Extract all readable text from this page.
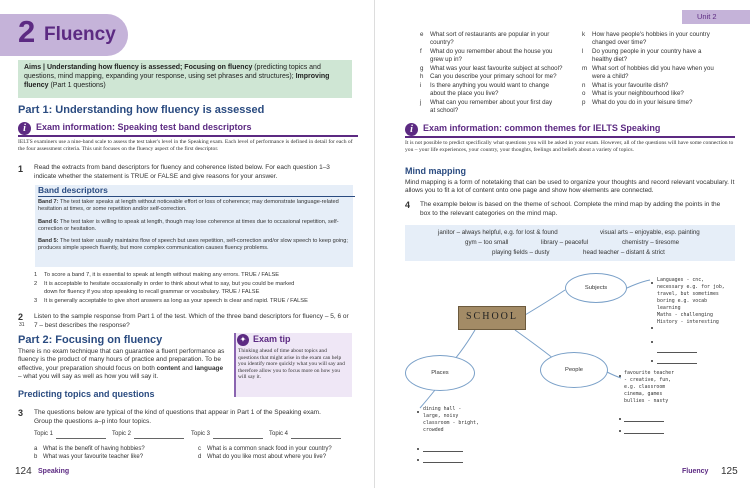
2 Fluency
Aims | Understanding how fluency is assessed; Focusing on fluency (predicting topics and questions, mind mapping, expanding your response, using set phrases and structures); Improving fluency (Part 1 questions)
Part 1: Understanding how fluency is assessed
i	Exam information: Speaking test band descriptors
IELTS examiners use a nine-band scale to assess the test taker's level in the Speaking exam. Each level of performance is defined in detail for each of the four assessment criteria. This unit focuses on the fluency aspect of the first descriptor.
1 Read the extracts from band descriptors for fluency and coherence listed below. For each question 1–3 indicate whether the statement is TRUE or FALSE and give reasons for your answer.
Band descriptors
Band 7: The test taker speaks at length without noticeable effort or loss of coherence; may demonstrate language-related hesitation at times, or some repetition and/or self-correction.
Band 6: The test taker is willing to speak at length, though may lose coherence at times due to occasional repetition, self-correction or hesitation.
Band 5: The test taker usually maintains flow of speech but uses repetition, self-correction and/or slow speech to keep going; produces simple speech fluently, but more complex communication causes fluency problems.
1 To score a band 7, it is essential to speak at length without making any errors. TRUE / FALSE
2 It is acceptable to hesitate occasionally in order to think about what to say, but you could be marked
down for fluency if you stop speaking to recall grammar or vocabulary. TRUE / FALSE
3 It is generally acceptable to give short answers as long as your speech is clear and rapid. TRUE / FALSE
2
31
Listen to the sample response from Part 1 of the test. Which of the three band descriptors for fluency – 5, 6 or 7 – best describes the response?
Part 2: Focusing on fluency
There is no exam technique that can guarantee a fluent performance as fluency is the product of many hours of practice and preparation. To be effective, your preparation should focus on both content and language – what you will say as well as how you will say it.
✦ Exam tip
Thinking ahead of time about topics and questions that might arise in the exam can help you identify more quickly what you will say and therefore allow you to focus more on how you will say it.
Predicting topics and questions
3 The questions below are typical of the kind of questions that appear in Part 1 of the Speaking exam. Group the questions a–p into four topics.
Topic 1	Topic 2	Topic 3	Topic 4
a What is the benefit of having hobbies?
b What was your favourite teacher like?
c What is a common snack food in your country?
d What do you like most about where you live?
124 Speaking
Unit 2
e What sort of restaurants are popular in your
country?
f What do you remember about the house you
grew up in?
g What was your least favourite subject at school?
h Can you describe your primary school for me?
i Is there anything you would want to change
about the place you live?
j What can you remember about your first day
at school?
k How have people's hobbies in your country
changed over time?
l Do young people in your country have a
healthy diet?
m What sort of hobbies did you have when you
were a child?
n What is your favourite dish?
o What is your neighbourhood like?
p What do you do in your leisure time?
i	Exam information: common themes for IELTS Speaking
It is not possible to predict specifically what questions you will be asked in your exam. However, all of the questions will have some connection to you – your life experiences, your country, your thoughts, feelings and beliefs about a variety of topics.
Mind mapping
Mind mapping is a form of notetaking that can be used to organize your thoughts and record relevant vocabulary. It allows you to fit a lot of content onto one page and show how elements are connected.
4 The example below is based on the theme of school. Complete the mind map by adding the points in the box to the relevant categories on the mind map.
janitor – always helpful, e.g. for lost & found	visual arts – enjoyable, esp. painting
gym – too small	library – peaceful	chemistry – tiresome
playing fields – dusty	head teacher – distant & strict
Subjects
SCHOOL
Places	People
Languages - cnc,
necessary e.g. for job,
travel, but sometimes
boring e.g. vocab
learning
Maths - challenging
History - interesting
favourite teacher
- creative, fun,
e.g. classroom
cinema, games
bullies - nasty
dining hall -
large, noisy
classroom - bright,
crowded
Fluency 125
